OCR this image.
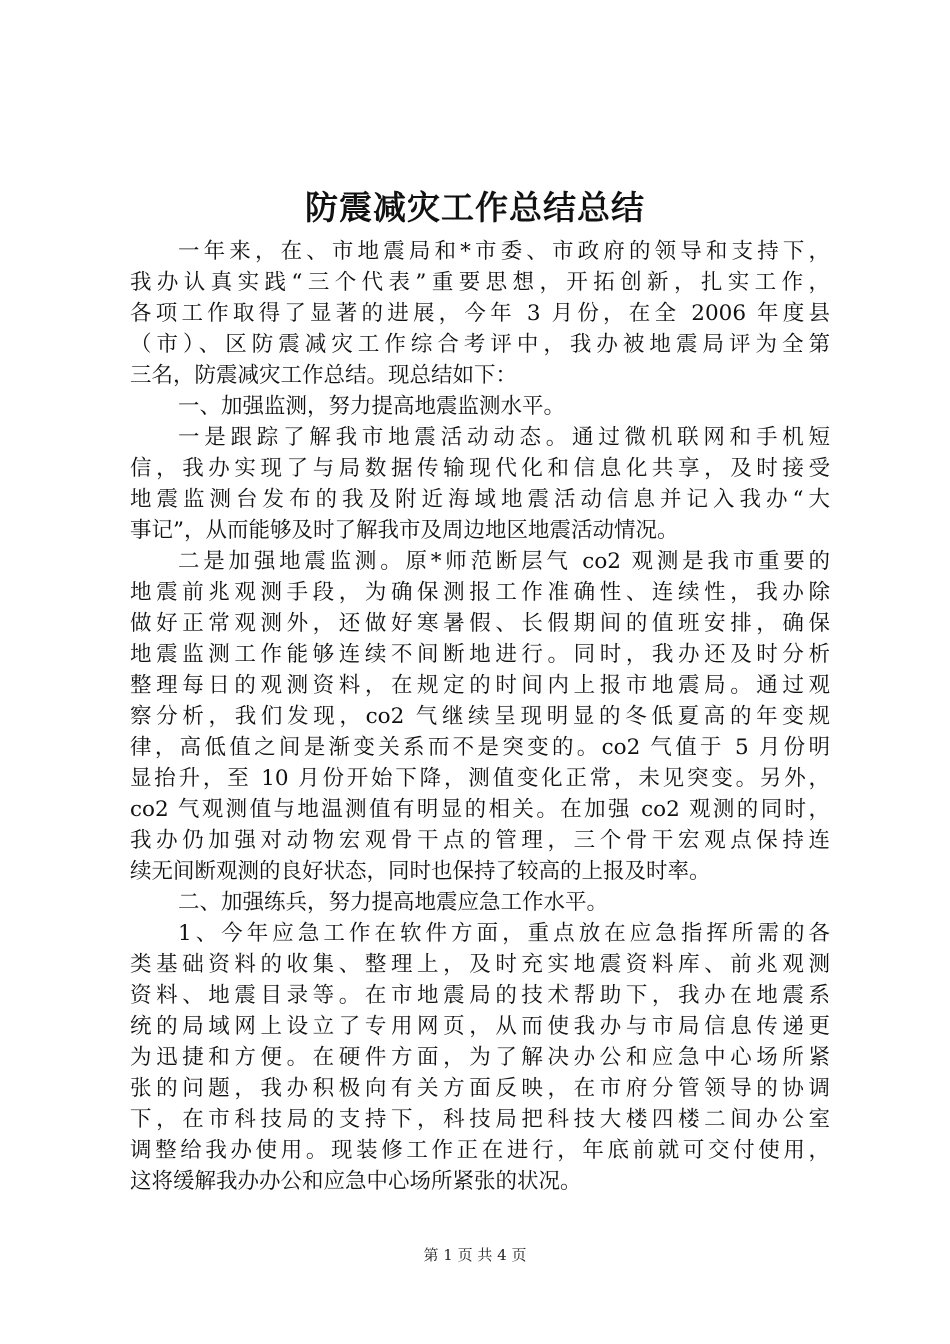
防震减灾工作总结总结
一年来，在、市地震局和*市委、市政府的领导和支持下，
我办认真实践“三个代表”重要思想，开拓创新，扎实工作，
各项工作取得了显著的进展，今年 3 月份，在全 2006 年度县
（市）、区防震减灾工作综合考评中，我办被地震局评为全第
三名，防震减灾工作总结。现总结如下：
一、加强监测，努力提高地震监测水平。
一是跟踪了解我市地震活动动态。通过微机联网和手机短
信，我办实现了与局数据传输现代化和信息化共享，及时接受
地震监测台发布的我及附近海域地震活动信息并记入我办“大
事记”，从而能够及时了解我市及周边地区地震活动情况。
二是加强地震监测。原*师范断层气 co2 观测是我市重要的
地震前兆观测手段，为确保测报工作准确性、连续性，我办除
做好正常观测外，还做好寒暑假、长假期间的值班安排，确保
地震监测工作能够连续不间断地进行。同时，我办还及时分析
整理每日的观测资料，在规定的时间内上报市地震局。通过观
察分析，我们发现，co2 气继续呈现明显的冬低夏高的年变规
律，高低值之间是渐变关系而不是突变的。co2 气值于 5 月份明
显抬升，至 10 月份开始下降，测值变化正常，未见突变。另外，
co2 气观测值与地温测值有明显的相关。在加强 co2 观测的同时，
我办仍加强对动物宏观骨干点的管理，三个骨干宏观点保持连
续无间断观测的良好状态，同时也保持了较高的上报及时率。
二、加强练兵，努力提高地震应急工作水平。
1、今年应急工作在软件方面，重点放在应急指挥所需的各
类基础资料的收集、整理上，及时充实地震资料库、前兆观测
资料、地震目录等。在市地震局的技术帮助下，我办在地震系
统的局域网上设立了专用网页，从而使我办与市局信息传递更
为迅捷和方便。在硬件方面，为了解决办公和应急中心场所紧
张的问题，我办积极向有关方面反映，在市府分管领导的协调
下，在市科技局的支持下，科技局把科技大楼四楼二间办公室
调整给我办使用。现装修工作正在进行，年底前就可交付使用，
这将缓解我办办公和应急中心场所紧张的状况。
第 1 页 共 4 页
